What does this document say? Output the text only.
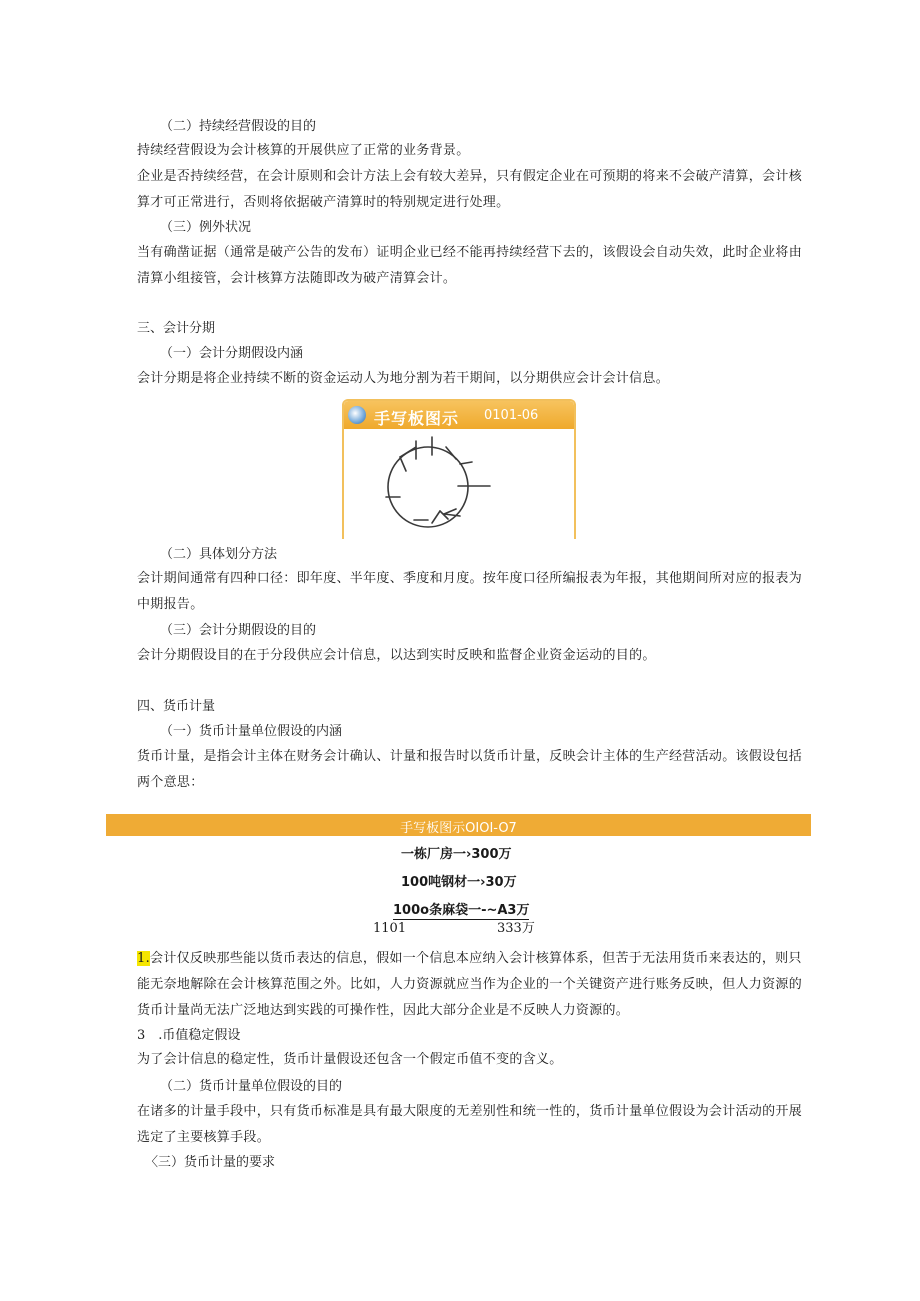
（二）持续经营假设的目的
持续经营假设为会计核算的开展供应了正常的业务背景。
企业是否持续经营，在会计原则和会计方法上会有较大差异，只有假定企业在可预期的将来不会破产清算，会计核算才可正常进行，否则将依据破产清算时的特别规定进行处理。
（三）例外状况
当有确凿证据（通常是破产公告的发布）证明企业已经不能再持续经营下去的，该假设会自动失效，此时企业将由清算小组接管，会计核算方法随即改为破产清算会计。
三、会计分期
（一）会计分期假设内涵
会计分期是将企业持续不断的资金运动人为地分割为若干期间，以分期供应会计会计信息。
手写板图示 0101-06
（二）具体划分方法
会计期间通常有四种口径：即年度、半年度、季度和月度。按年度口径所编报表为年报，其他期间所对应的报表为中期报告。
（三）会计分期假设的目的
会计分期假设目的在于分段供应会计信息，以达到实时反映和监督企业资金运动的目的。
四、货币计量
（一）货币计量单位假设的内涵
货币计量，是指会计主体在财务会计确认、计量和报告时以货币计量，反映会计主体的生产经营活动。该假设包括两个意思：
手写板图示OIOI-O7
一栋厂房一›300万
100吨钢材一›30万
100o条麻袋一-~A3万
1101	333万
1.会计仅反映那些能以货币表达的信息，假如一个信息本应纳入会计核算体系，但苦于无法用货币来表达的，则只能无奈地解除在会计核算范围之外。比如，人力资源就应当作为企业的一个关键资产进行账务反映，但人力资源的货币计量尚无法广泛地达到实践的可操作性，因此大部分企业是不反映人力资源的。
3　.币值稳定假设
为了会计信息的稳定性，货币计量假设还包含一个假定币值不变的含义。
（二）货币计量单位假设的目的
在诸多的计量手段中，只有货币标准是具有最大限度的无差别性和统一性的，货币计量单位假设为会计活动的开展选定了主要核算手段。
〈三）货币计量的要求
